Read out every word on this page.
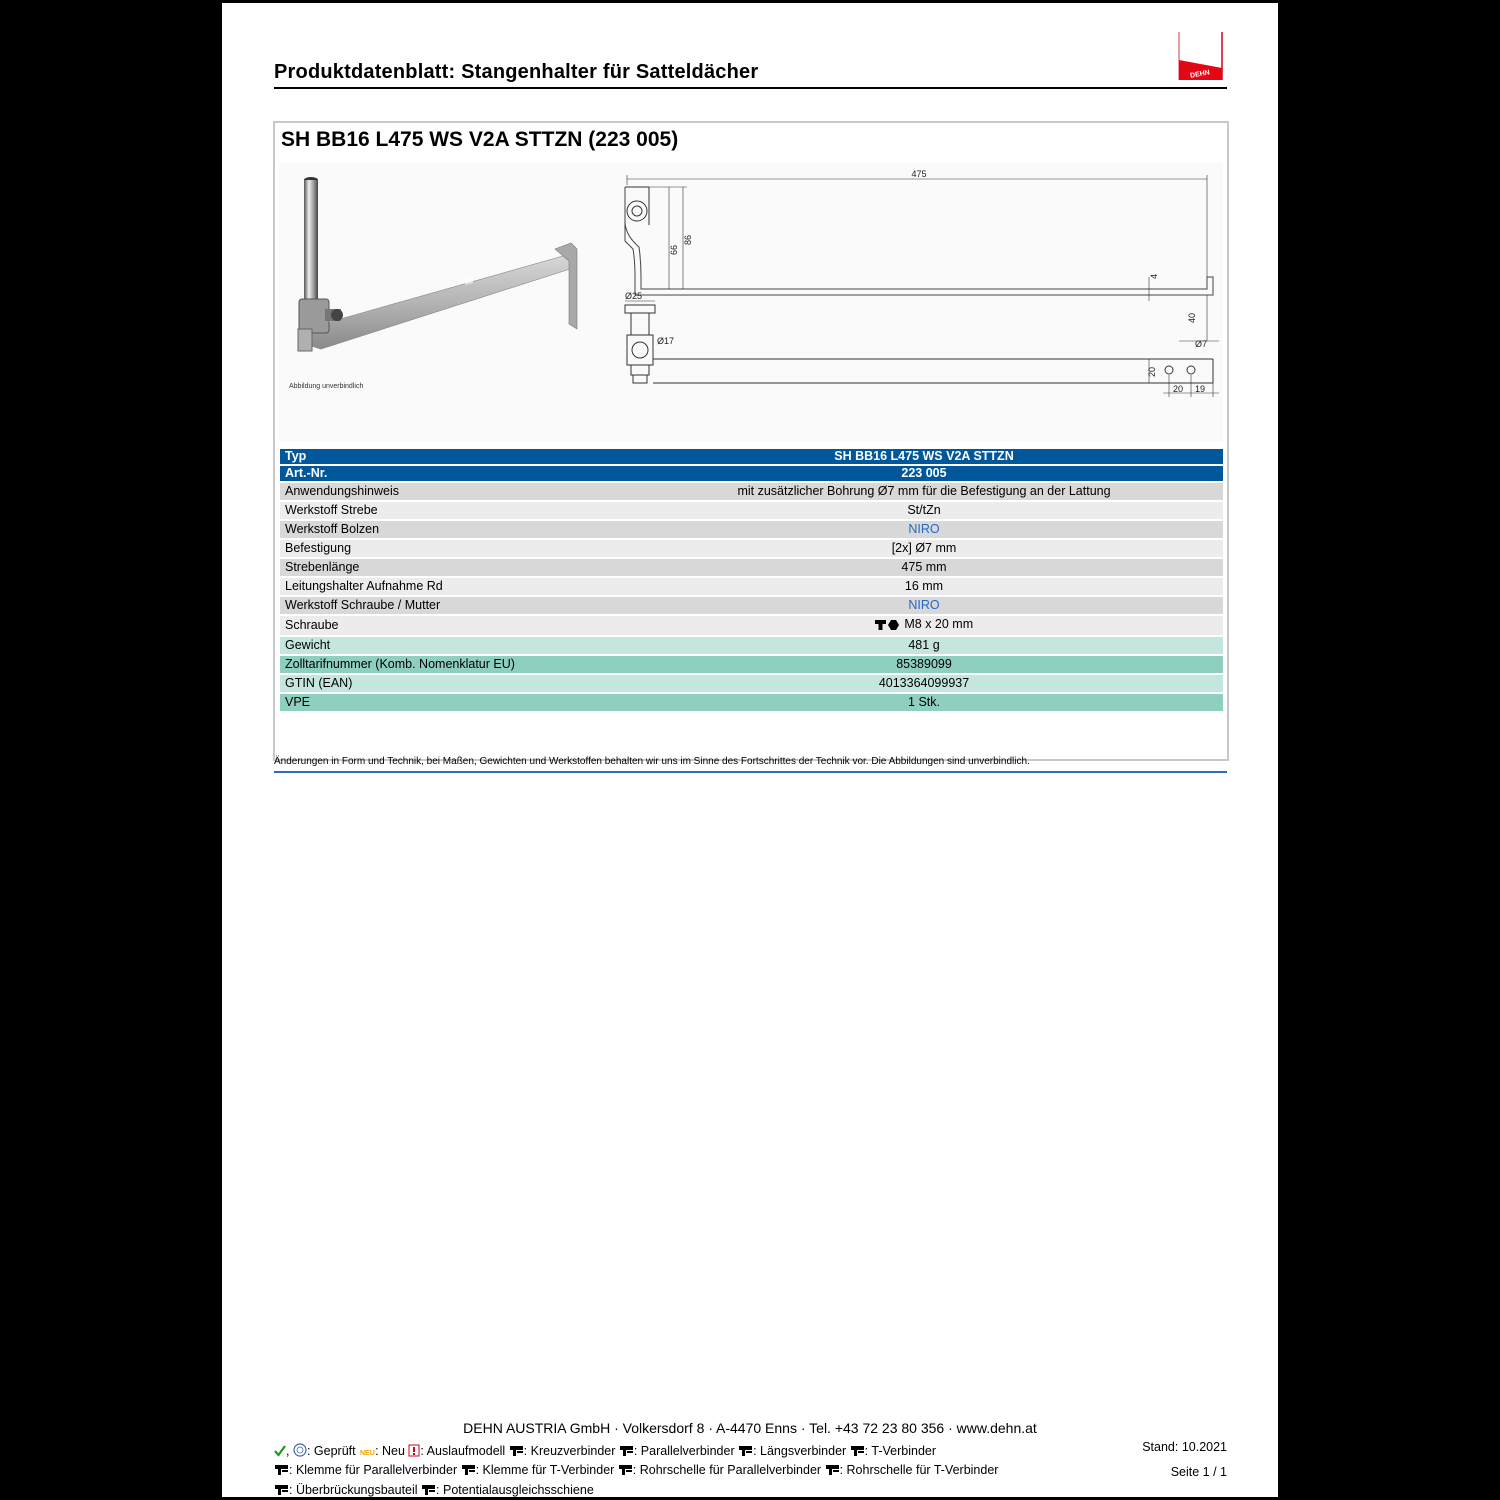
Produktdatenblatt: Stangenhalter für Satteldächer	DEHN
SH BB16 L475 WS V2A STTZN (223 005)
Abbildung unverbindlich
475
66
86
4
Ø25
Ø17
40
Ø7
20
20 19
Typ	SH BB16 L475 WS V2A STTZN
Art.-Nr.	223 005
Anwendungshinweis	mit zusätzlicher Bohrung Ø7 mm für die Befestigung an der Lattung
Werkstoff Strebe	St/tZn
Werkstoff Bolzen	NIRO
Befestigung	[2x] Ø7 mm
Strebenlänge	475 mm
Leitungshalter Aufnahme Rd	16 mm
Werkstoff Schraube / Mutter	NIRO
Schraube	M8 x 20 mm
Gewicht	481 g
Zolltarifnummer (Komb. Nomenklatur EU)	85389099
GTIN (EAN)	4013364099937
VPE	1 Stk.
Änderungen in Form und Technik, bei Maßen, Gewichten und Werkstoffen behalten wir uns im Sinne des Fortschrittes der Technik vor. Die Abbildungen sind unverbindlich.
DEHN AUSTRIA GmbH · Volkersdorf 8 · A-4470 Enns · Tel. +43 72 23 80 356 · www.dehn.at
Stand: 10.2021
Seite 1 / 1
, : Geprüft NEU : Neu : Auslaufmodell : Kreuzverbinder : Parallelverbinder : Längsverbinder : T-Verbinder
: Klemme für Parallelverbinder : Klemme für T-Verbinder : Rohrschelle für Parallelverbinder : Rohrschelle für T-Verbinder
: Überbrückungsbauteil : Potentialausgleichsschiene
